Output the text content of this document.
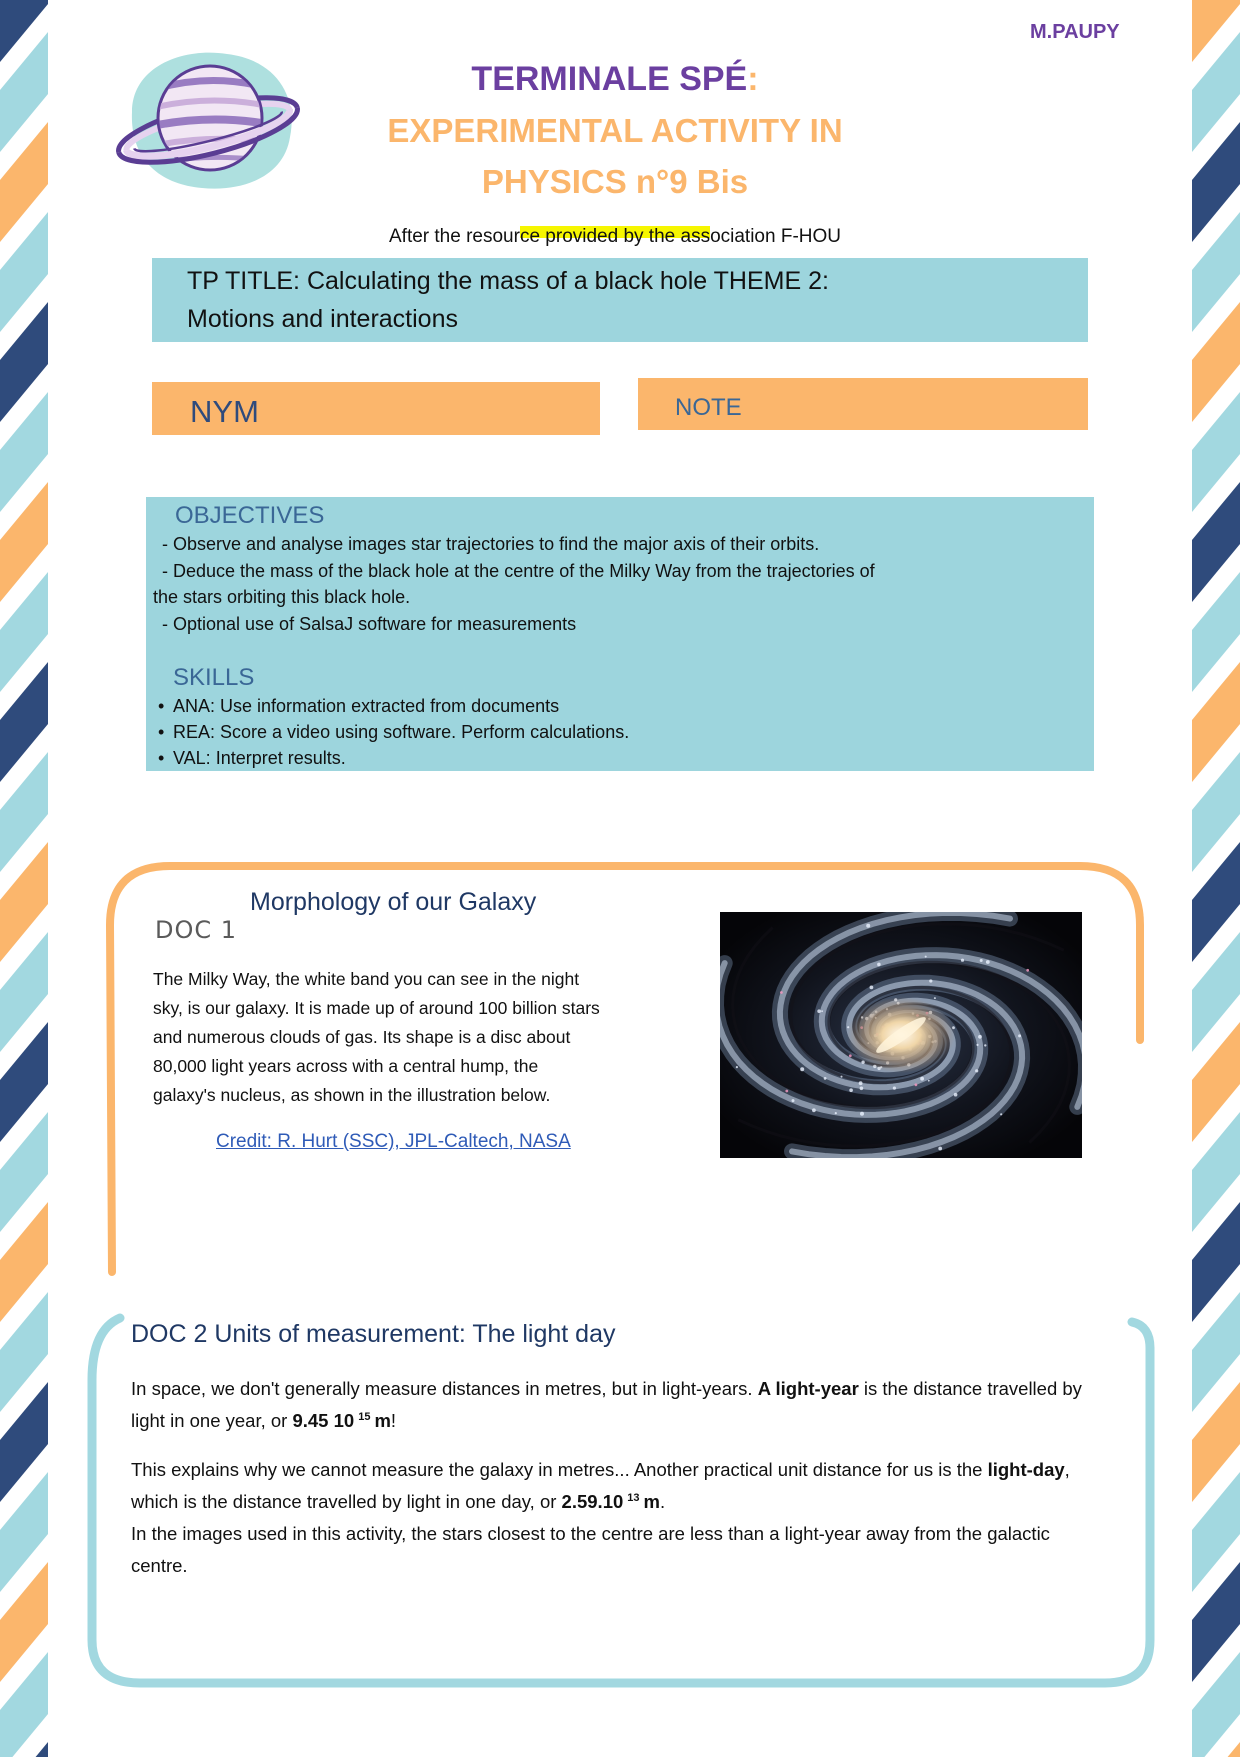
M.PAUPY
TERMINALE SPÉ:
EXPERIMENTAL ACTIVITY IN
PHYSICS n°9 Bis
After the resource provided by the association F-HOU
TP TITLE: Calculating the mass of a black hole THEME 2:
Motions and interactions
NYM	NOTE
OBJECTIVES
- Observe and analyse images star trajectories to find the major axis of their orbits.
- Deduce the mass of the black hole at the centre of the Milky Way from the trajectories of
the stars orbiting this black hole.
- Optional use of SalsaJ software for measurements
SKILLS
• ANA: Use information extracted from documents
• REA: Score a video using software. Perform calculations.
• VAL: Interpret results.
Morphology of our Galaxy
DOC 1
The Milky Way, the white band you can see in the night
sky, is our galaxy. It is made up of around 100 billion stars
and numerous clouds of gas. Its shape is a disc about
80,000 light years across with a central hump, the
galaxy's nucleus, as shown in the illustration below.
Credit: R. Hurt (SSC), JPL-Caltech, NASA
DOC 2 Units of measurement: The light day

In space, we don't generally measure distances in metres, but in light-years. A light-year is the distance travelled by light in one year, or 9.45 10 $^{15}$ m!

This explains why we cannot measure the galaxy in metres... Another practical unit distance for us is the light-day, which is the distance travelled by light in one day, or 2.59.10 $^{13}$ m.

In the images used in this activity, the stars closest to the centre are less than a light-year away from the galactic centre.
